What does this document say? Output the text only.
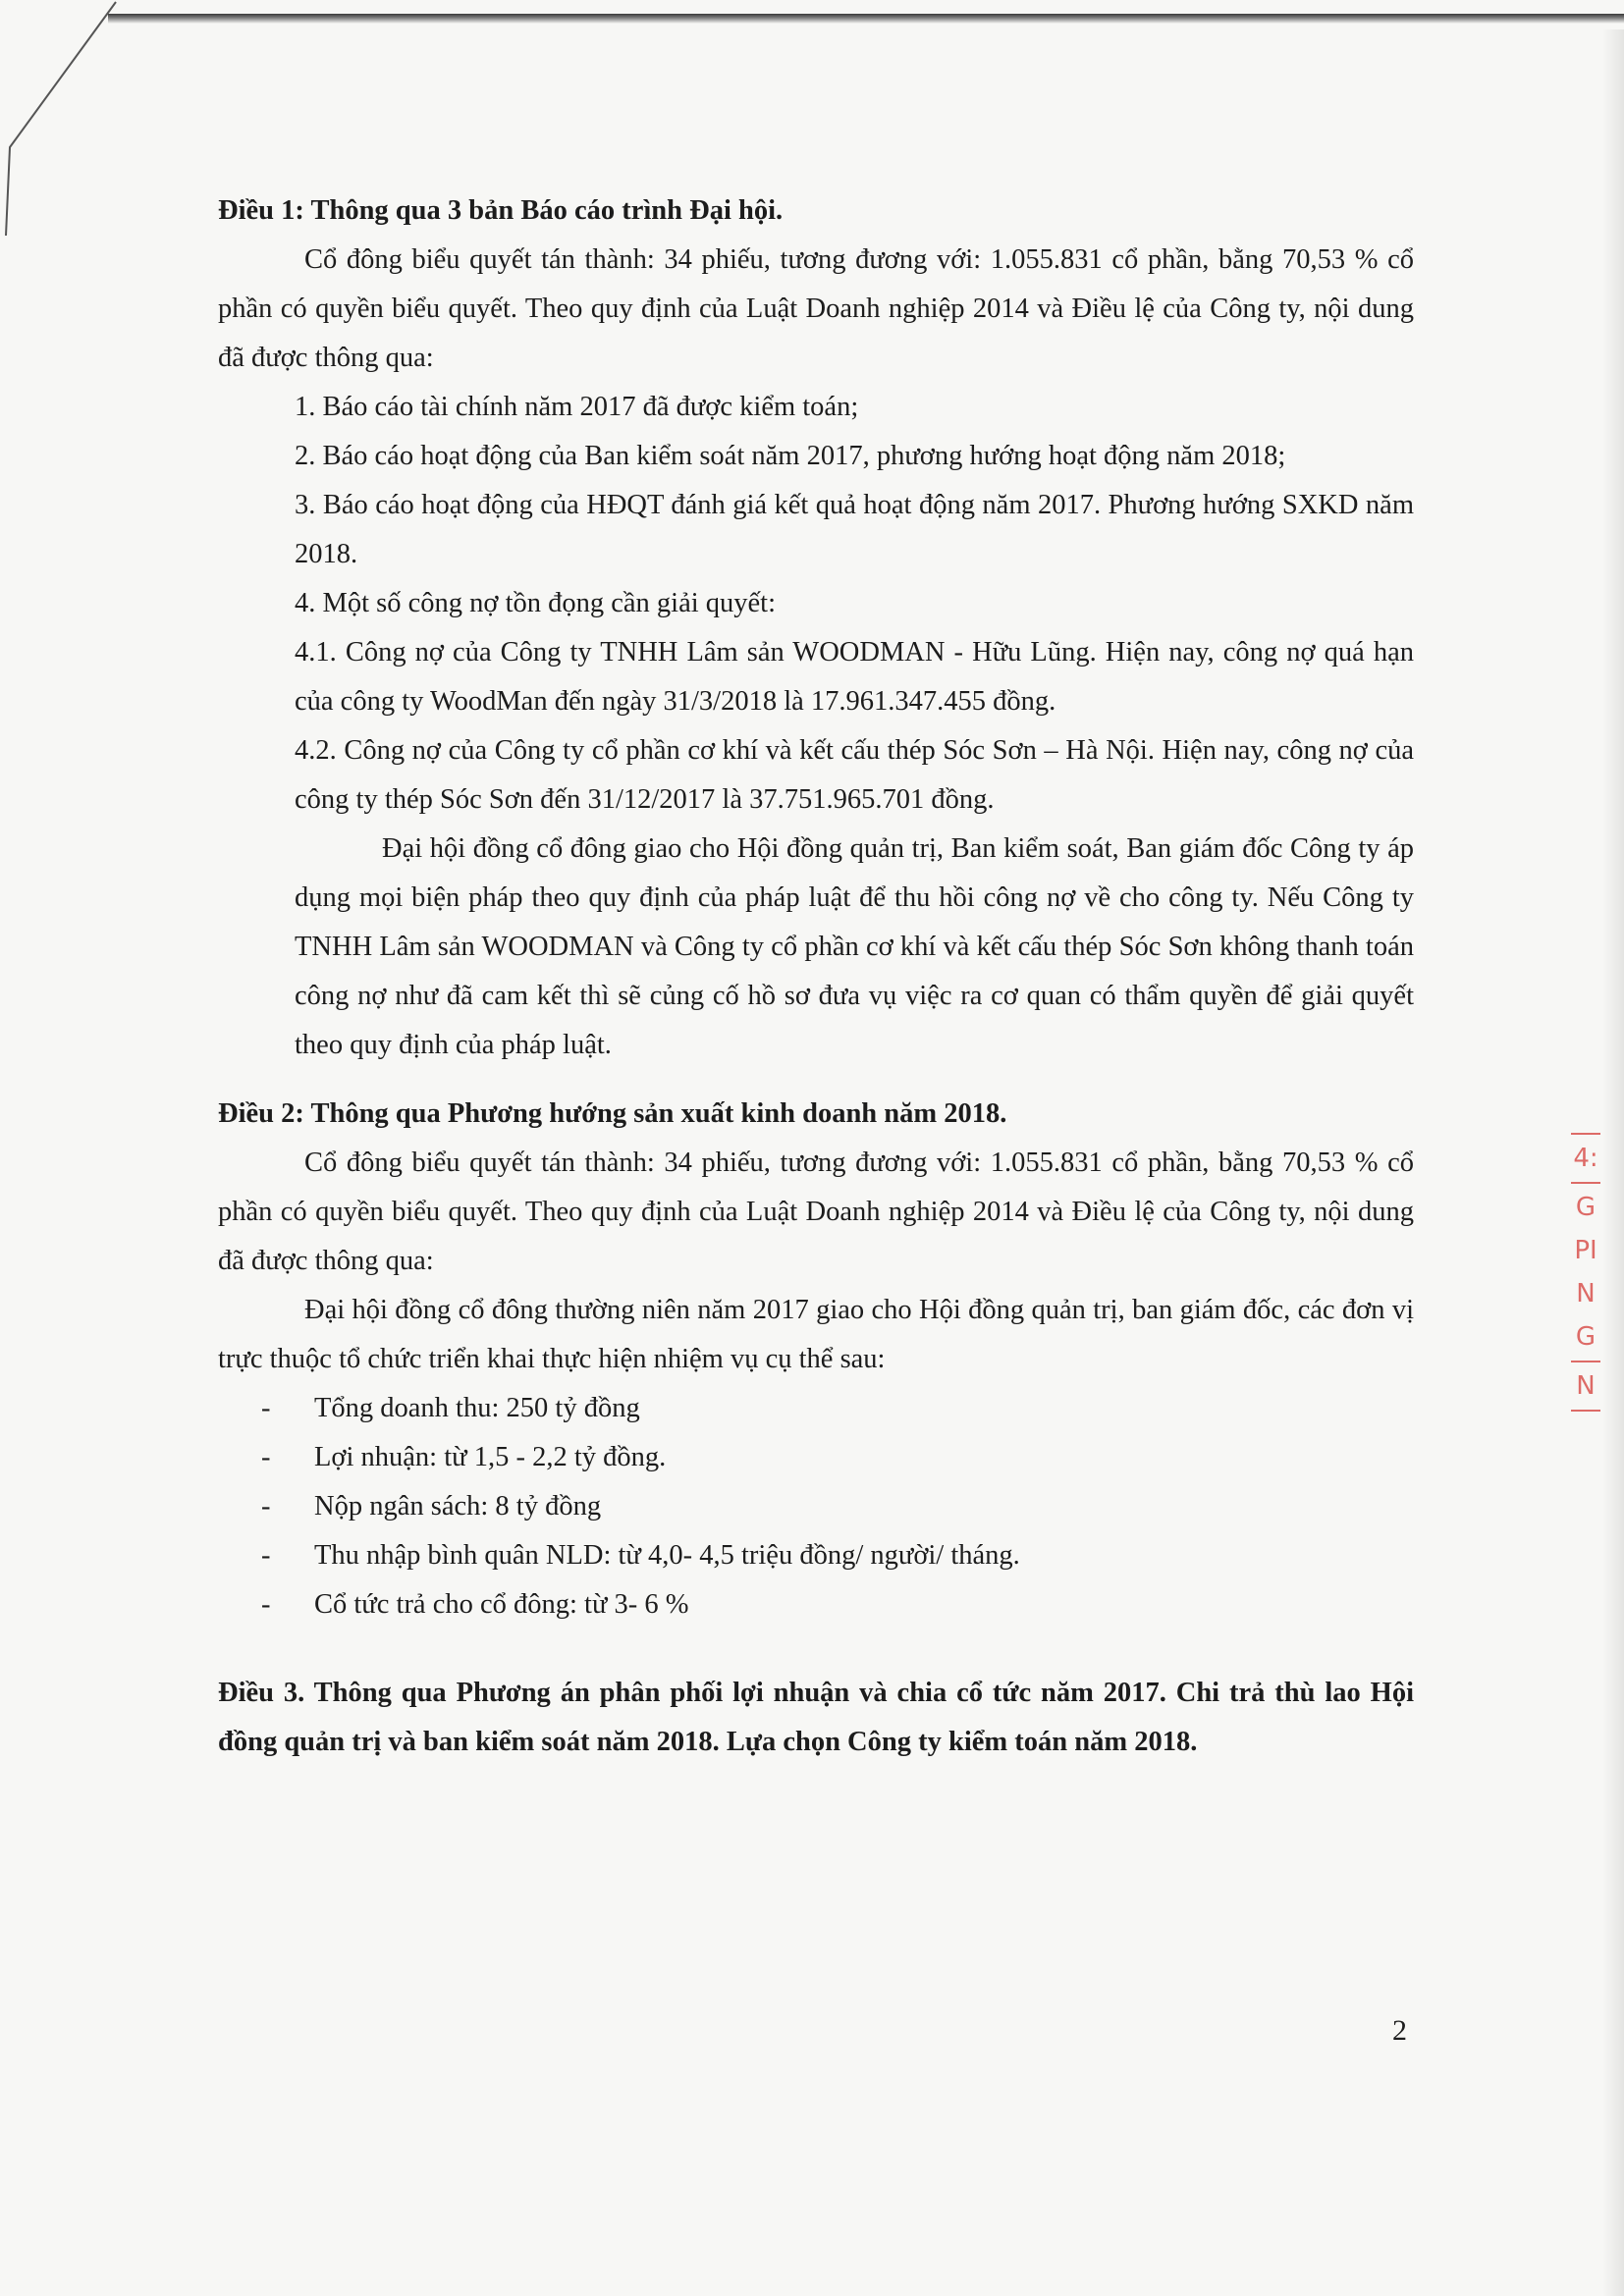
Điều 1: Thông qua 3 bản Báo cáo trình Đại hội.

Cổ đông biểu quyết tán thành: 34 phiếu, tương đương với: 1.055.831 cổ phần, bằng 70,53 % cổ phần có quyền biểu quyết. Theo quy định của Luật Doanh nghiệp 2014 và Điều lệ của Công ty, nội dung đã được thông qua:

1. Báo cáo tài chính năm 2017 đã được kiểm toán;

2. Báo cáo hoạt động của Ban kiểm soát năm 2017, phương hướng hoạt động năm 2018;

3. Báo cáo hoạt động của HĐQT đánh giá kết quả hoạt động năm 2017. Phương hướng SXKD năm 2018.

4. Một số công nợ tồn đọng cần giải quyết:

4.1. Công nợ của Công ty TNHH Lâm sản WOODMAN - Hữu Lũng. Hiện nay, công nợ quá hạn của công ty WoodMan đến ngày 31/3/2018 là 17.961.347.455 đồng.

4.2. Công nợ của Công ty cổ phần cơ khí và kết cấu thép Sóc Sơn – Hà Nội. Hiện nay, công nợ của công ty thép Sóc Sơn đến 31/12/2017 là 37.751.965.701 đồng.

Đại hội đồng cổ đông giao cho Hội đồng quản trị, Ban kiểm soát, Ban giám đốc Công ty áp dụng mọi biện pháp theo quy định của pháp luật để thu hồi công nợ về cho công ty. Nếu Công ty TNHH Lâm sản WOODMAN và Công ty cổ phần cơ khí và kết cấu thép Sóc Sơn không thanh toán công nợ như đã cam kết thì sẽ củng cố hồ sơ đưa vụ việc ra cơ quan có thẩm quyền để giải quyết theo quy định của pháp luật.

Điều 2: Thông qua Phương hướng sản xuất kinh doanh năm 2018.

Cổ đông biểu quyết tán thành: 34 phiếu, tương đương với: 1.055.831 cổ phần, bằng 70,53 % cổ phần có quyền biểu quyết. Theo quy định của Luật Doanh nghiệp 2014 và Điều lệ của Công ty, nội dung đã được thông qua:

Đại hội đồng cổ đông thường niên năm 2017 giao cho Hội đồng quản trị, ban giám đốc, các đơn vị trực thuộc tổ chức triển khai thực hiện nhiệm vụ cụ thể sau:

- Tổng doanh thu: 250 tỷ đồng
- Lợi nhuận: từ 1,5 - 2,2 tỷ đồng.
- Nộp ngân sách: 8 tỷ đồng
- Thu nhập bình quân NLD: từ 4,0- 4,5 triệu đồng/ người/ tháng.
- Cổ tức trả cho cổ đông: từ 3- 6 %

Điều 3. Thông qua Phương án phân phối lợi nhuận và chia cổ tức năm 2017. Chi trả thù lao Hội đồng quản trị và ban kiểm soát năm 2018. Lựa chọn Công ty kiểm toán năm 2018.

2
4:
G
PI
N
G
N
